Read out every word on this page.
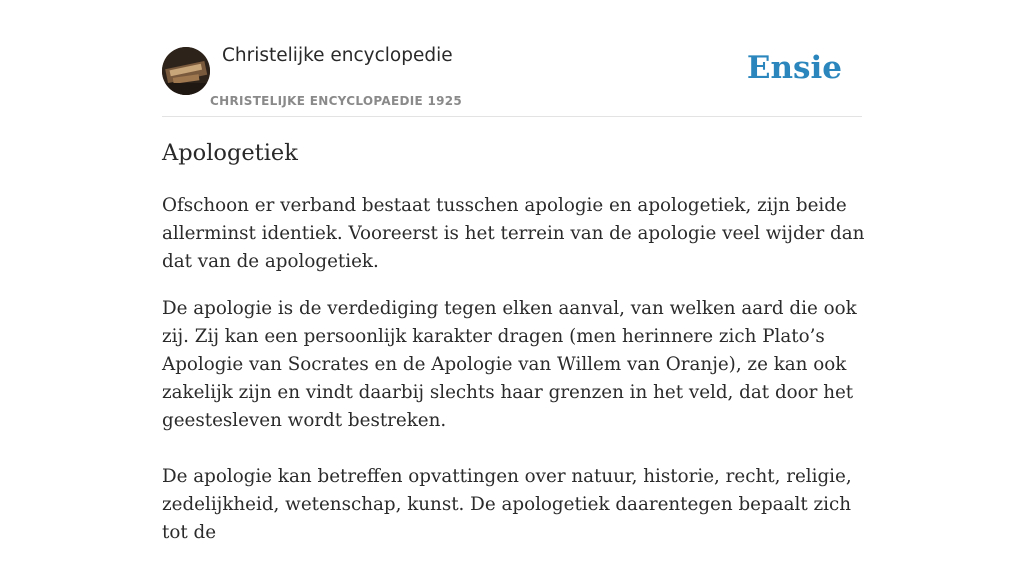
Christelijke encyclopedie
CHRISTELIJKE ENCYCLOPAEDIE 1925
Ensie
Apologetiek

Ofschoon er verband bestaat tusschen apologie en apologetiek, zijn beide allerminst identiek. Vooreerst is het terrein van de apologie veel wijder dan dat van de apologetiek.

De apologie is de verdediging tegen elken aanval, van welken aard die ook zij. Zij kan een persoonlijk karakter dragen (men herinnere zich Plato’s Apologie van Socrates en de Apologie van Willem van Oranje), ze kan ook zakelijk zijn en vindt daarbij slechts haar grenzen in het veld, dat door het geestesleven wordt bestreken.

De apologie kan betreffen opvattingen over natuur, historie, recht, religie, zedelijkheid, wetenschap, kunst. De apologetiek daarentegen bepaalt zich tot de
